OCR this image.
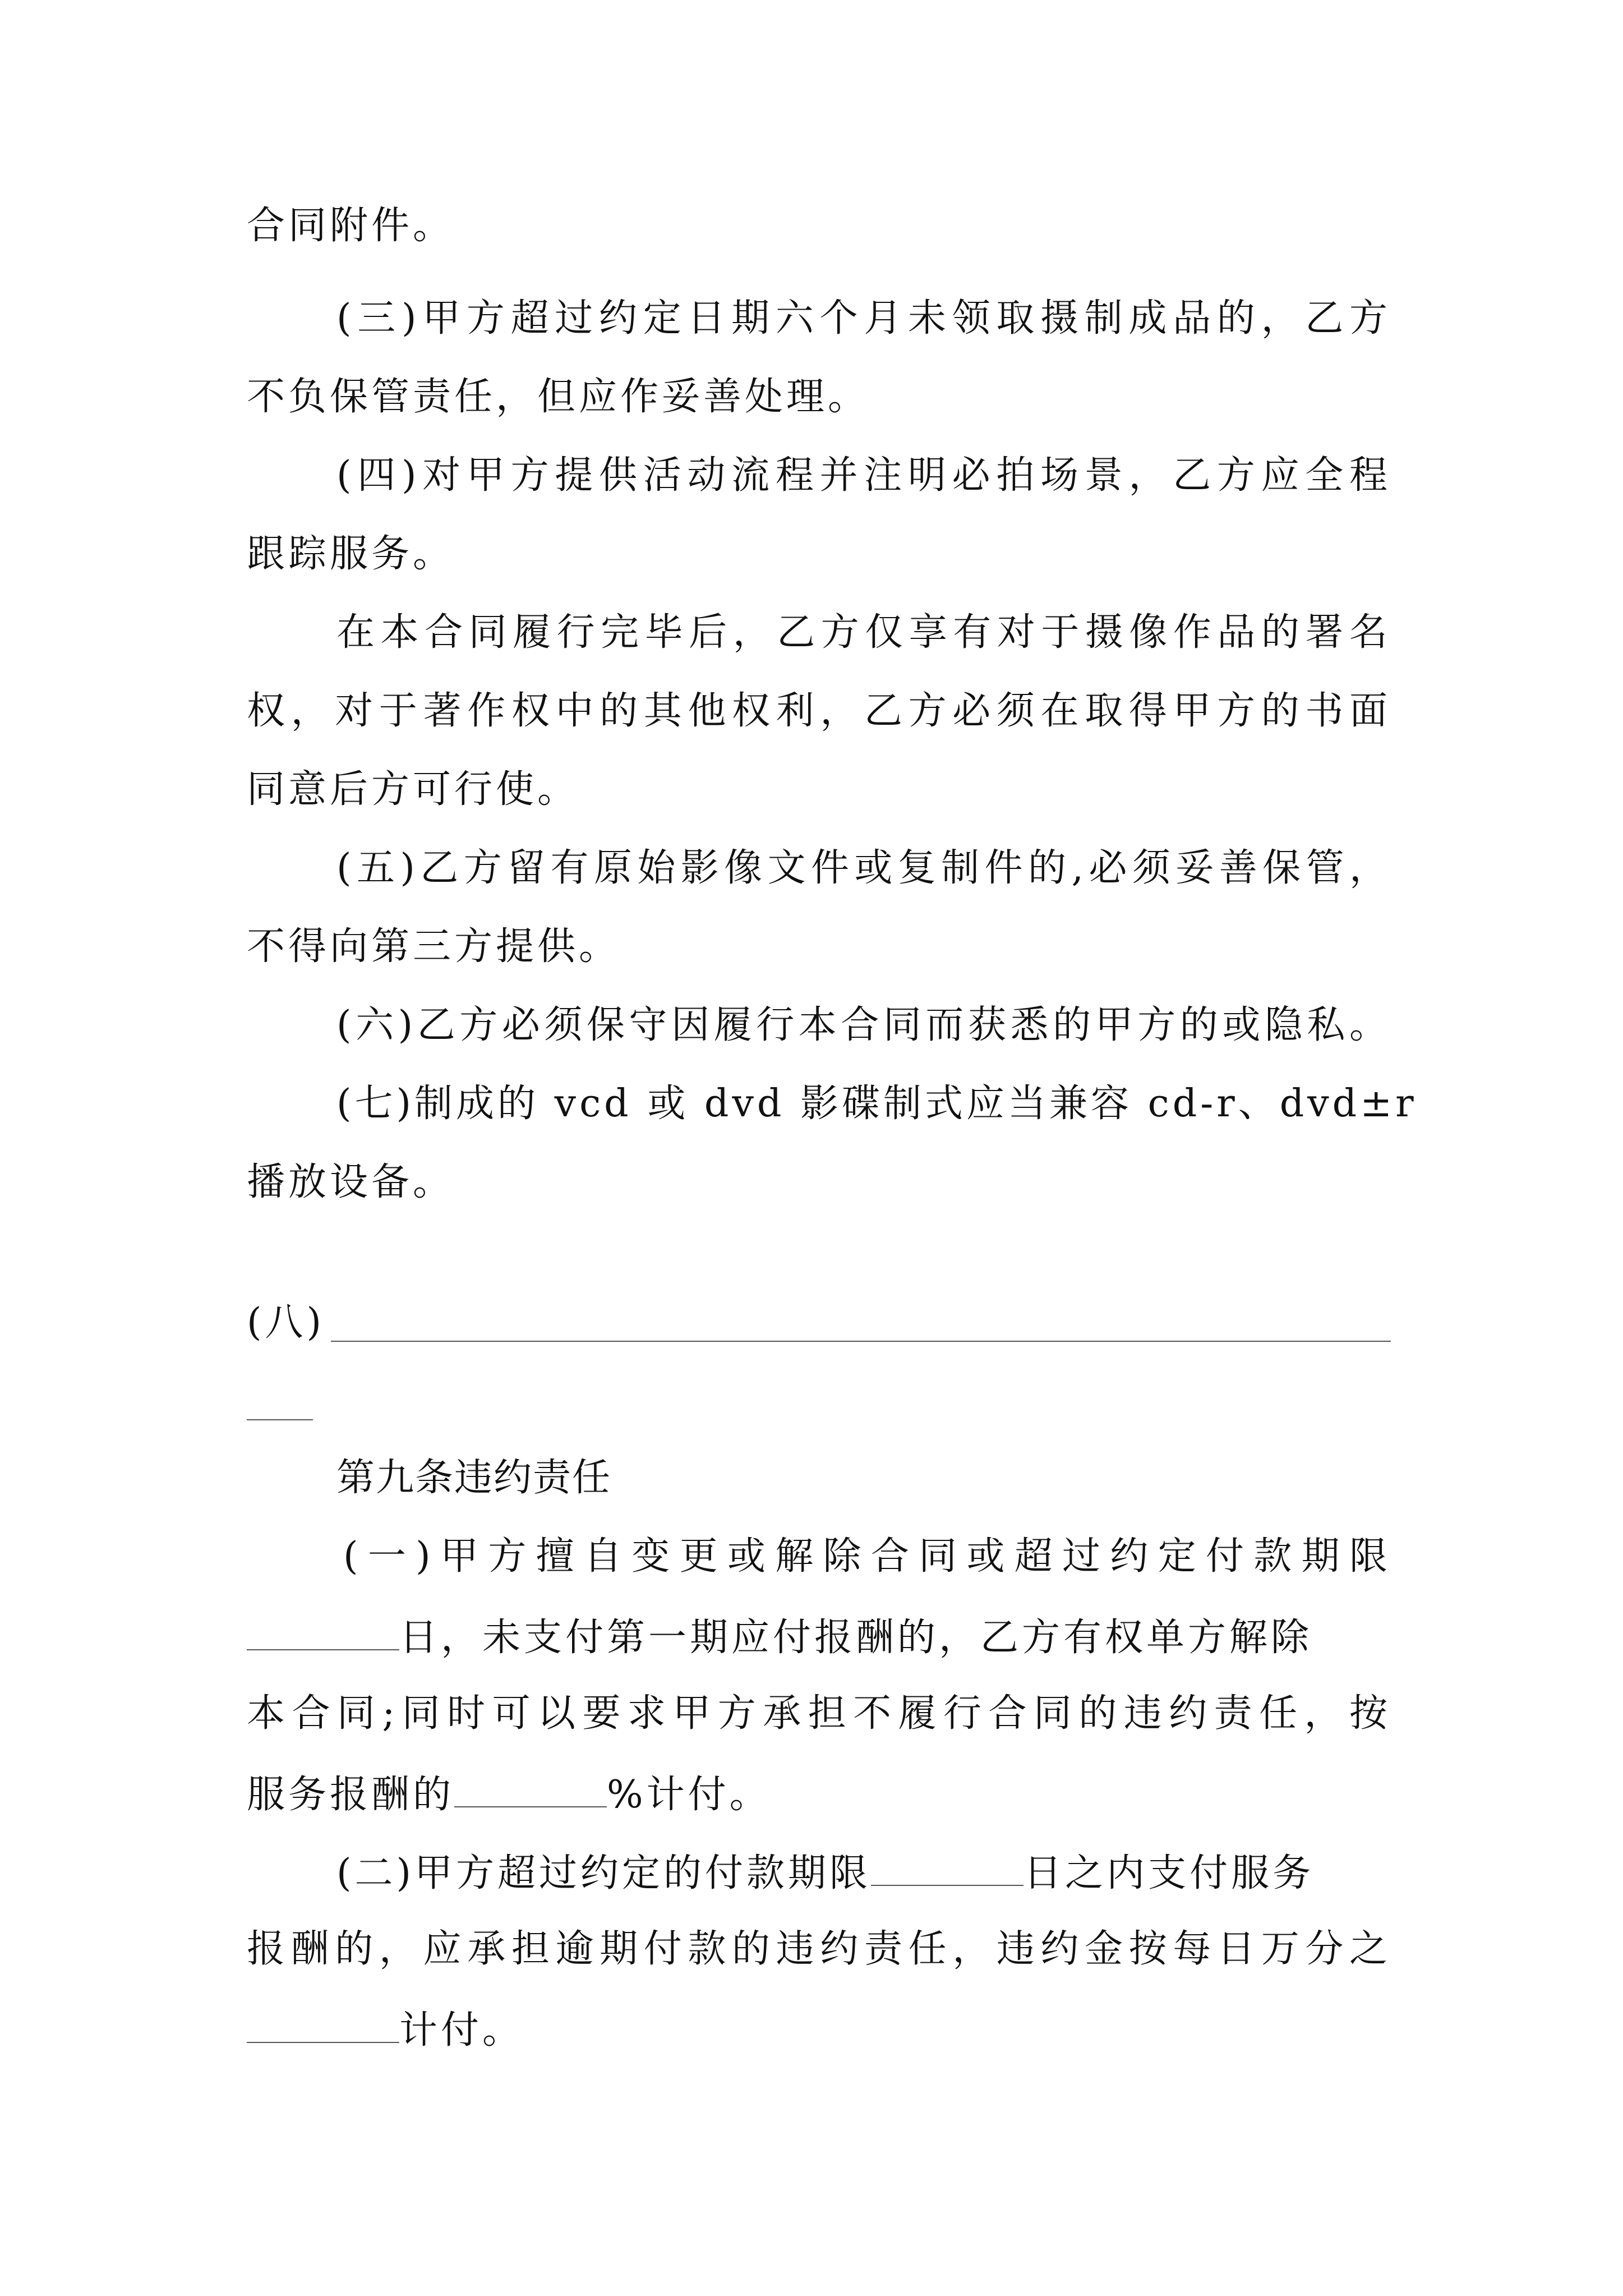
合同附件。
(三)甲方超过约定日期六个月未领取摄制成品的，乙方
不负保管责任，但应作妥善处理。
(四)对甲方提供活动流程并注明必拍场景，乙方应全程
跟踪服务。
在本合同履行完毕后，乙方仅享有对于摄像作品的署名
权，对于著作权中的其他权利，乙方必须在取得甲方的书面
同意后方可行使。
(五)乙方留有原始影像文件或复制件的,必须妥善保管，
不得向第三方提供。
(六)乙方必须保守因履行本合同而获悉的甲方的或隐私。
(七)制成的 vcd 或 dvd 影碟制式应当兼容 cd-r、dvd±r
播放设备。
(八)
第九条违约责任
(一)甲方擅自变更或解除合同或超过约定付款期限
日，未支付第一期应付报酬的，乙方有权单方解除
本合同;同时可以要求甲方承担不履行合同的违约责任，按
服务报酬的	%计付。
(二)甲方超过约定的付款期限	日之内支付服务
报酬的，应承担逾期付款的违约责任，违约金按每日万分之
计付。
